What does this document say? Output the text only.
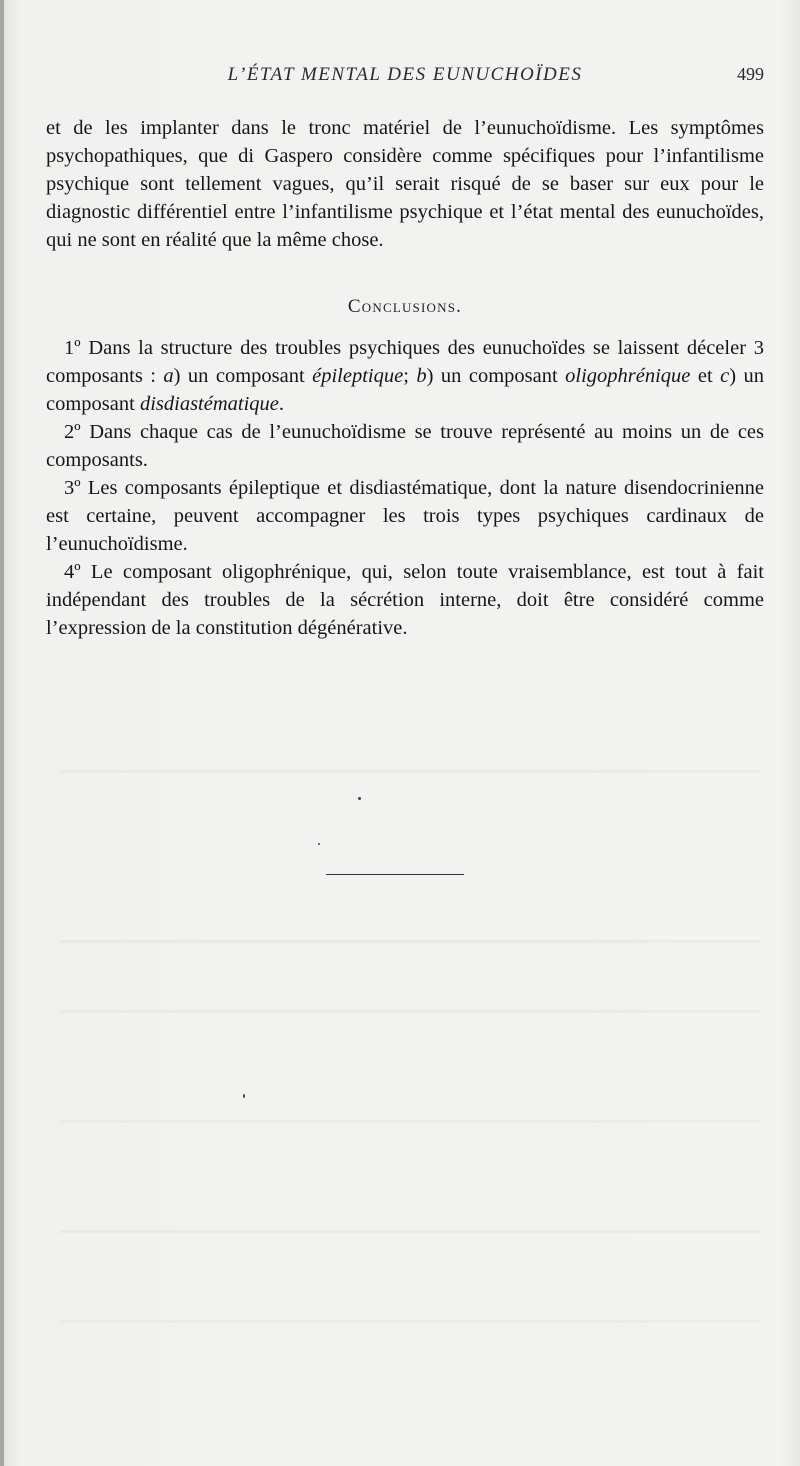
L’ÉTAT MENTAL DES EUNUCHOÏDES	499

et de les implanter dans le tronc matériel de l’eunuchoïdisme. Les symptômes psychopathiques, que di Gaspero considère comme spécifiques pour l’infantilisme psychique sont tellement vagues, qu’il serait risqué de se baser sur eux pour le diagnostic différentiel entre l’infantilisme psychique et l’état mental des eunuchoïdes, qui ne sont en réalité que la même chose.

Conclusions.

1º Dans la structure des troubles psychiques des eunuchoïdes se laissent déceler 3 composants : a) un composant épileptique; b) un composant oligophrénique et c) un composant disdiastématique.

2º Dans chaque cas de l’eunuchoïdisme se trouve représenté au moins un de ces composants.

3º Les composants épileptique et disdiastématique, dont la nature disendocrinienne est certaine, peuvent accompagner les trois types psychiques cardinaux de l’eunuchoïdisme.

4º Le composant oligophrénique, qui, selon toute vraisemblance, est tout à fait indépendant des troubles de la sécrétion interne, doit être considéré comme l’expression de la constitution dégénérative.
